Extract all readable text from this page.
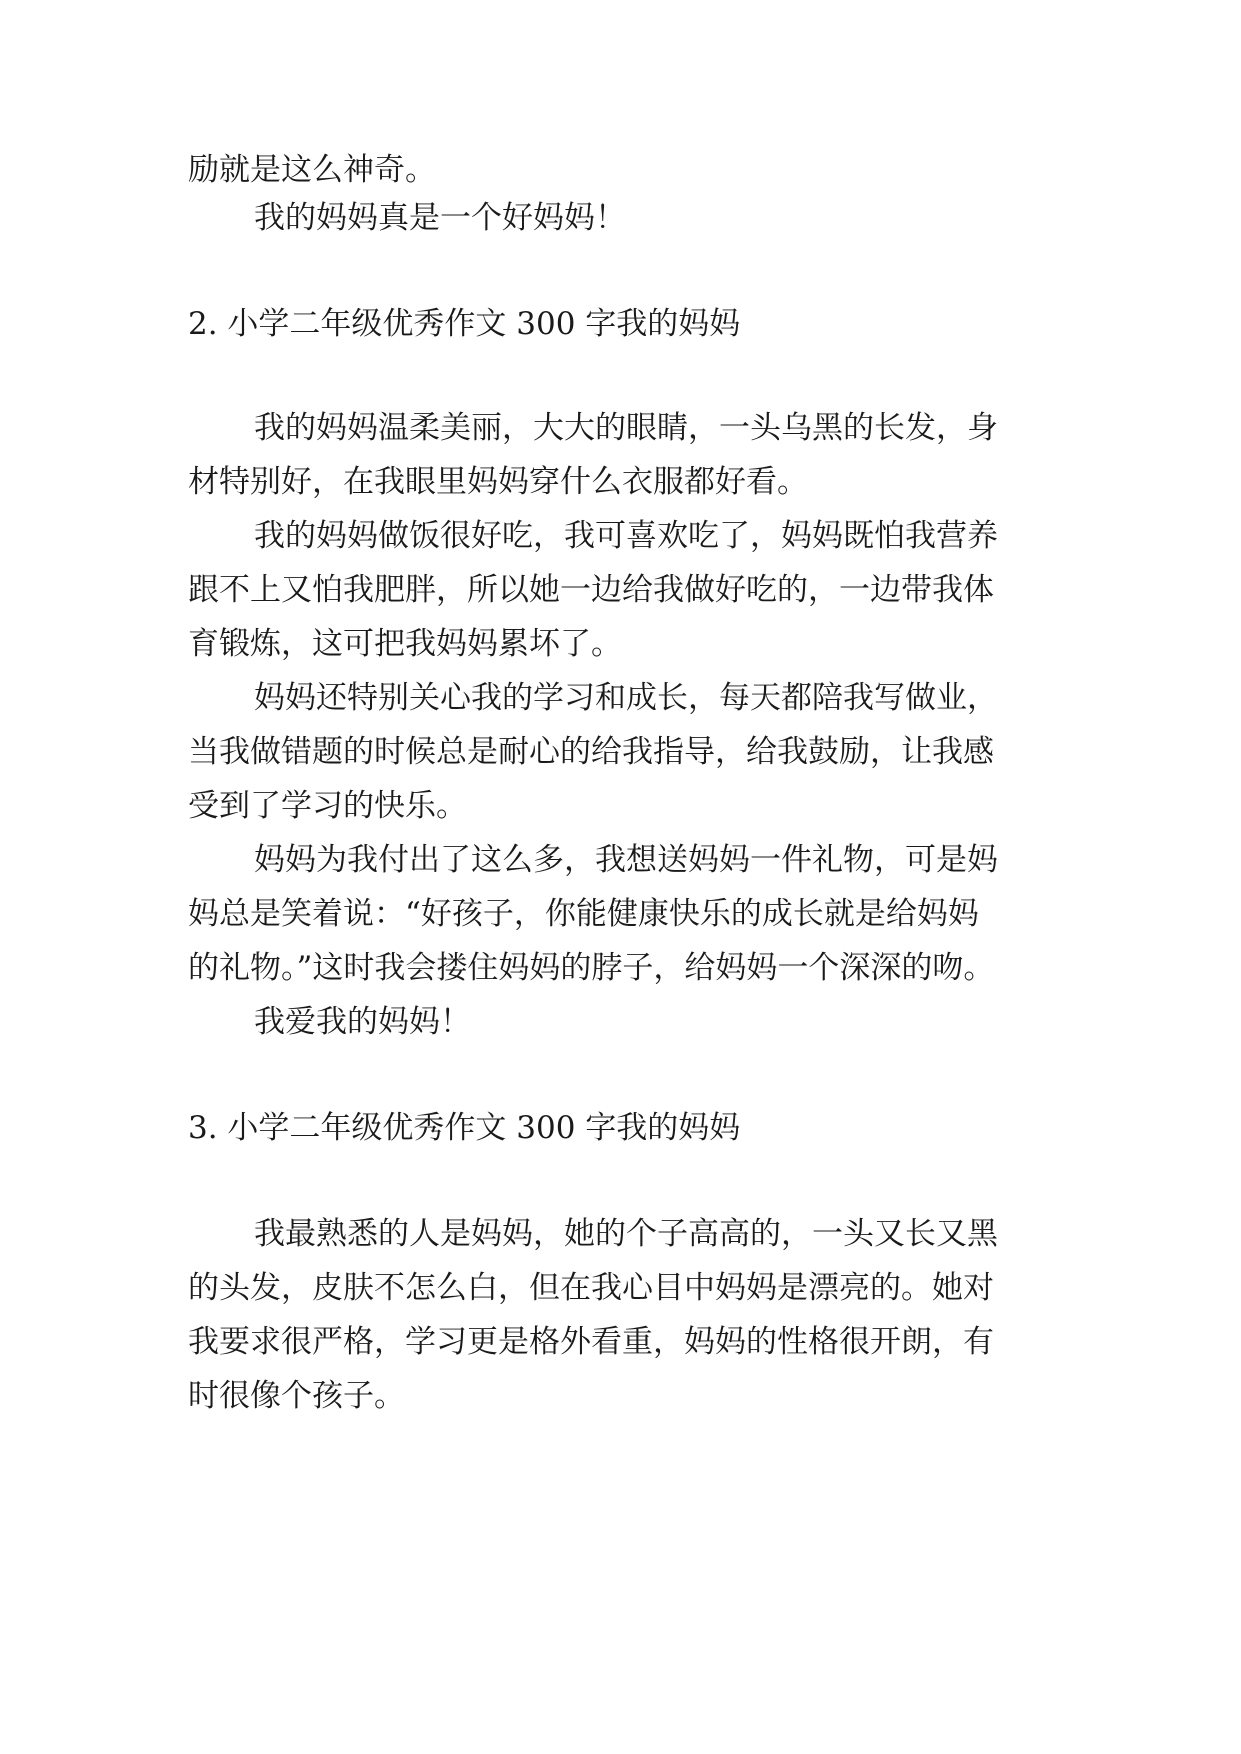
励就是这么神奇。

我的妈妈真是一个好妈妈！

2. 小学二年级优秀作文 300 字我的妈妈

我的妈妈温柔美丽，大大的眼睛，一头乌黑的长发，身

材特别好，在我眼里妈妈穿什么衣服都好看。

我的妈妈做饭很好吃，我可喜欢吃了，妈妈既怕我营养

跟不上又怕我肥胖，所以她一边给我做好吃的，一边带我体

育锻炼，这可把我妈妈累坏了。

妈妈还特别关心我的学习和成长，每天都陪我写做业，

当我做错题的时候总是耐心的给我指导，给我鼓励，让我感

受到了学习的快乐。

妈妈为我付出了这么多，我想送妈妈一件礼物，可是妈

妈总是笑着说：“好孩子，你能健康快乐的成长就是给妈妈

的礼物。”这时我会搂住妈妈的脖子，给妈妈一个深深的吻。

我爱我的妈妈！

3. 小学二年级优秀作文 300 字我的妈妈

我最熟悉的人是妈妈，她的个子高高的，一头又长又黑

的头发，皮肤不怎么白，但在我心目中妈妈是漂亮的。她对

我要求很严格，学习更是格外看重，妈妈的性格很开朗，有

时很像个孩子。
